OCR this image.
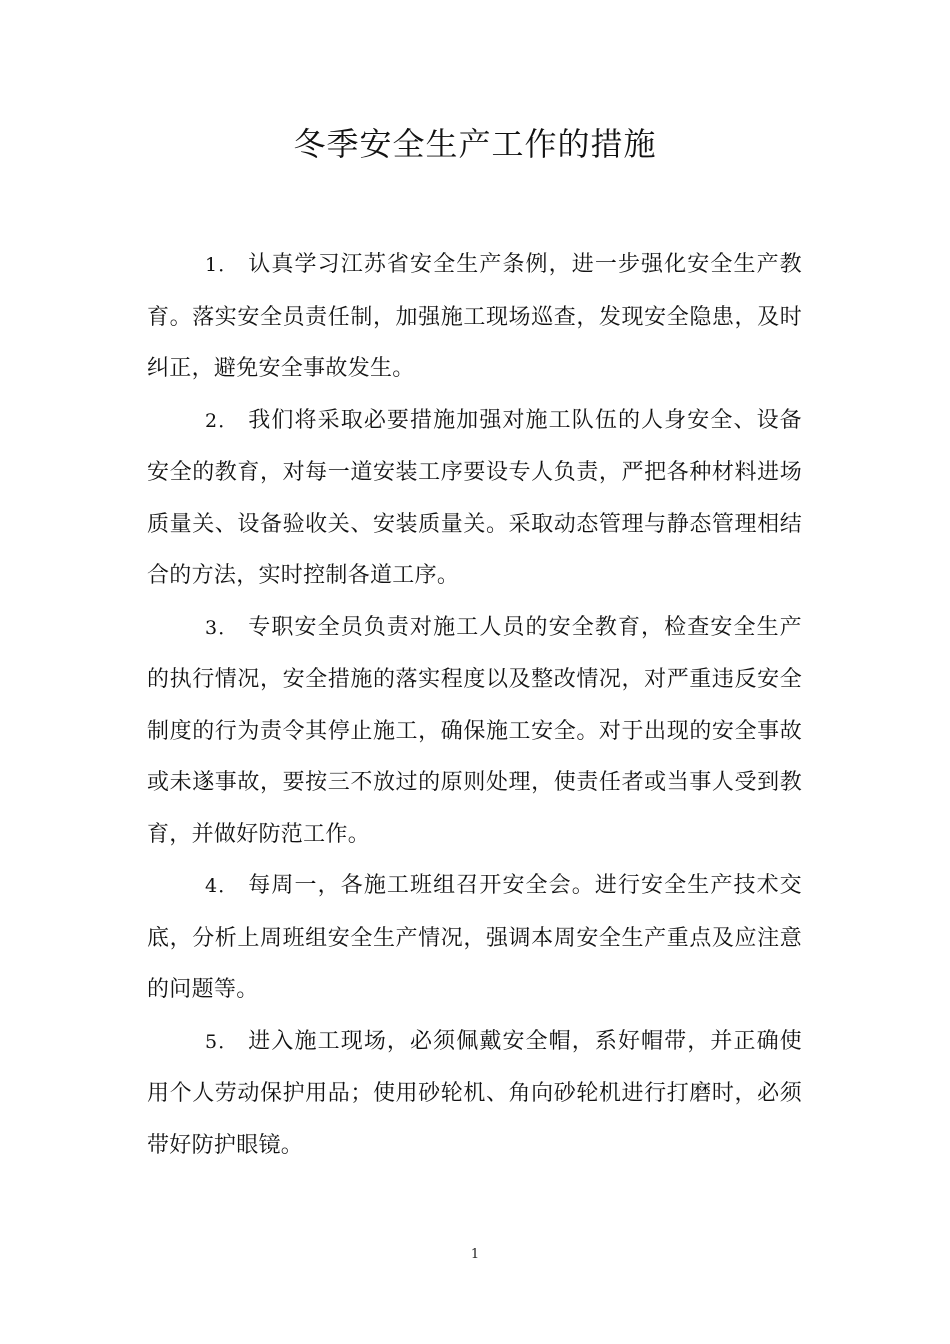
冬季安全生产工作的措施

1． 认真学习江苏省安全生产条例，进一步强化安全生产教育。落实安全员责任制，加强施工现场巡查，发现安全隐患，及时纠正，避免安全事故发生。

2． 我们将采取必要措施加强对施工队伍的人身安全、设备安全的教育，对每一道安装工序要设专人负责，严把各种材料进场质量关、设备验收关、安装质量关。采取动态管理与静态管理相结合的方法，实时控制各道工序。

3． 专职安全员负责对施工人员的安全教育，检查安全生产的执行情况，安全措施的落实程度以及整改情况，对严重违反安全制度的行为责令其停止施工，确保施工安全。对于出现的安全事故或未遂事故，要按三不放过的原则处理，使责任者或当事人受到教育，并做好防范工作。

4． 每周一，各施工班组召开安全会。进行安全生产技术交底，分析上周班组安全生产情况，强调本周安全生产重点及应注意的问题等。

5． 进入施工现场，必须佩戴安全帽，系好帽带，并正确使用个人劳动保护用品；使用砂轮机、角向砂轮机进行打磨时，必须带好防护眼镜。

1
